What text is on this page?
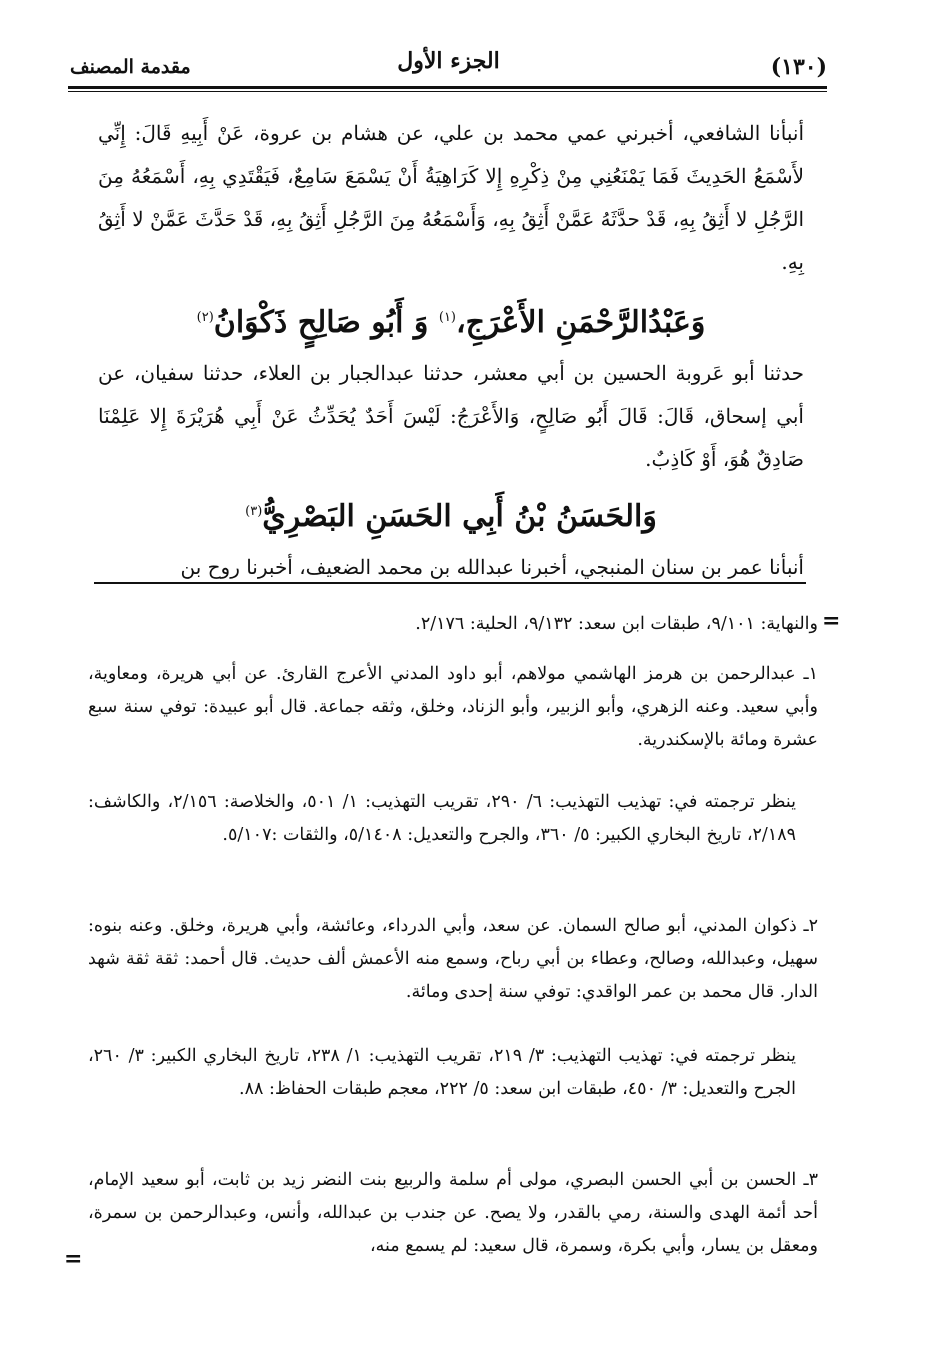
(١٣٠)
الجزء الأول
مقدمة المصنف

أنبأنا الشافعي، أخبرني عمي محمد بن علي، عن هشام بن عروة، عَنْ أَبِيهِ قَالَ: إِنِّي لأَسْمَعُ الحَدِيثَ فَمَا يَمْنَعُنِي مِنْ ذِكْرِهِ إِلا كَرَاهِيَةُ أَنْ يَسْمَعَ سَامِعٌ، فَيَقْتَدِي بِهِ، أَسْمَعُهُ مِنَ الرَّجُلِ لا أَثِقُ بِهِ، قَدْ حدَّثَهُ عَمَّنْ أَثِقُ بِهِ، وَأَسْمَعُهُ مِنَ الرَّجُلِ أَثِقُ بِهِ، قَدْ حَدَّثَ عَمَّنْ لا أَثِقُ بِهِ.

وَعَبْدُالرَّحْمَنِ الأَعْرَجِ،$^{(١)}$ وَ أَبُو صَالِحٍ ذَكْوَانُ$^{(٢)}$

حدثنا أبو عَروبة الحسين بن أبي معشر، حدثنا عبدالجبار بن العلاء، حدثنا سفيان، عن أبي إسحاق، قَالَ: قَالَ أَبُو صَالِحٍ، وَالأَعْرَجُ: لَيْسَ أَحَدٌ يُحَدِّثُ عَنْ أَبِي هُرَيْرَةَ إِلا عَلِمْنَا صَادِقٌ هُوَ، أَوْ كَاذِبٌ.

وَالحَسَنُ بْنُ أَبِي الحَسَنِ البَصْرِيُّ$^{(٣)}$

أنبأنا عمر بن سنان المنبجي، أخبرنا عبدالله بن محمد الضعيف، أخبرنا روح بن

والنهاية: ٩/١٠١، طبقات ابن سعد: ٩/١٣٢، الحلية: ٢/١٧٦. =
١ـ عبدالرحمن بن هرمز الهاشمي مولاهم، أبو داود المدني الأعرج القارئ. عن أبي هريرة، ومعاوية، وأبي سعيد. وعنه الزهري، وأبو الزبير، وأبو الزناد، وخلق، وثقه جماعة. قال أبو عبيدة: توفي سنة سبع عشرة ومائة بالإسكندرية.
ينظر ترجمته في: تهذيب التهذيب: ٦/ ٢٩٠، تقريب التهذيب: ١/ ٥٠١، والخلاصة: ٢/١٥٦، والكاشف: ٢/١٨٩، تاريخ البخاري الكبير: ٥/ ٣٦٠، والجرح والتعديل: ٥/١٤٠٨، والثقات :٥/١٠٧.
٢ـ ذكوان المدني، أبو صالح السمان. عن سعد، وأبي الدرداء، وعائشة، وأبي هريرة، وخلق. وعنه بنوه: سهيل، وعبدالله، وصالح، وعطاء بن أبي رباح، وسمع منه الأعمش ألف حديث. قال أحمد: ثقة ثقة شهد الدار. قال محمد بن عمر الواقدي: توفي سنة إحدى ومائة.
ينظر ترجمته في: تهذيب التهذيب: ٣/ ٢١٩، تقريب التهذيب: ١/ ٢٣٨، تاريخ البخاري الكبير: ٣/ ٢٦٠، الجرح والتعديل: ٣/ ٤٥٠، طبقات ابن سعد: ٥/ ٢٢٢، معجم طبقات الحفاظ: ٨٨.
٣ـ الحسن بن أبي الحسن البصري، مولى أم سلمة والربيع بنت النضر زيد بن ثابت، أبو سعيد الإمام، أحد أئمة الهدى والسنة، رمي بالقدر، ولا يصح. عن جندب بن عبدالله، وأنس، وعبدالرحمن بن سمرة، ومعقل بن يسار، وأبي بكرة، وسمرة، قال سعيد: لم يسمع منه،
=
